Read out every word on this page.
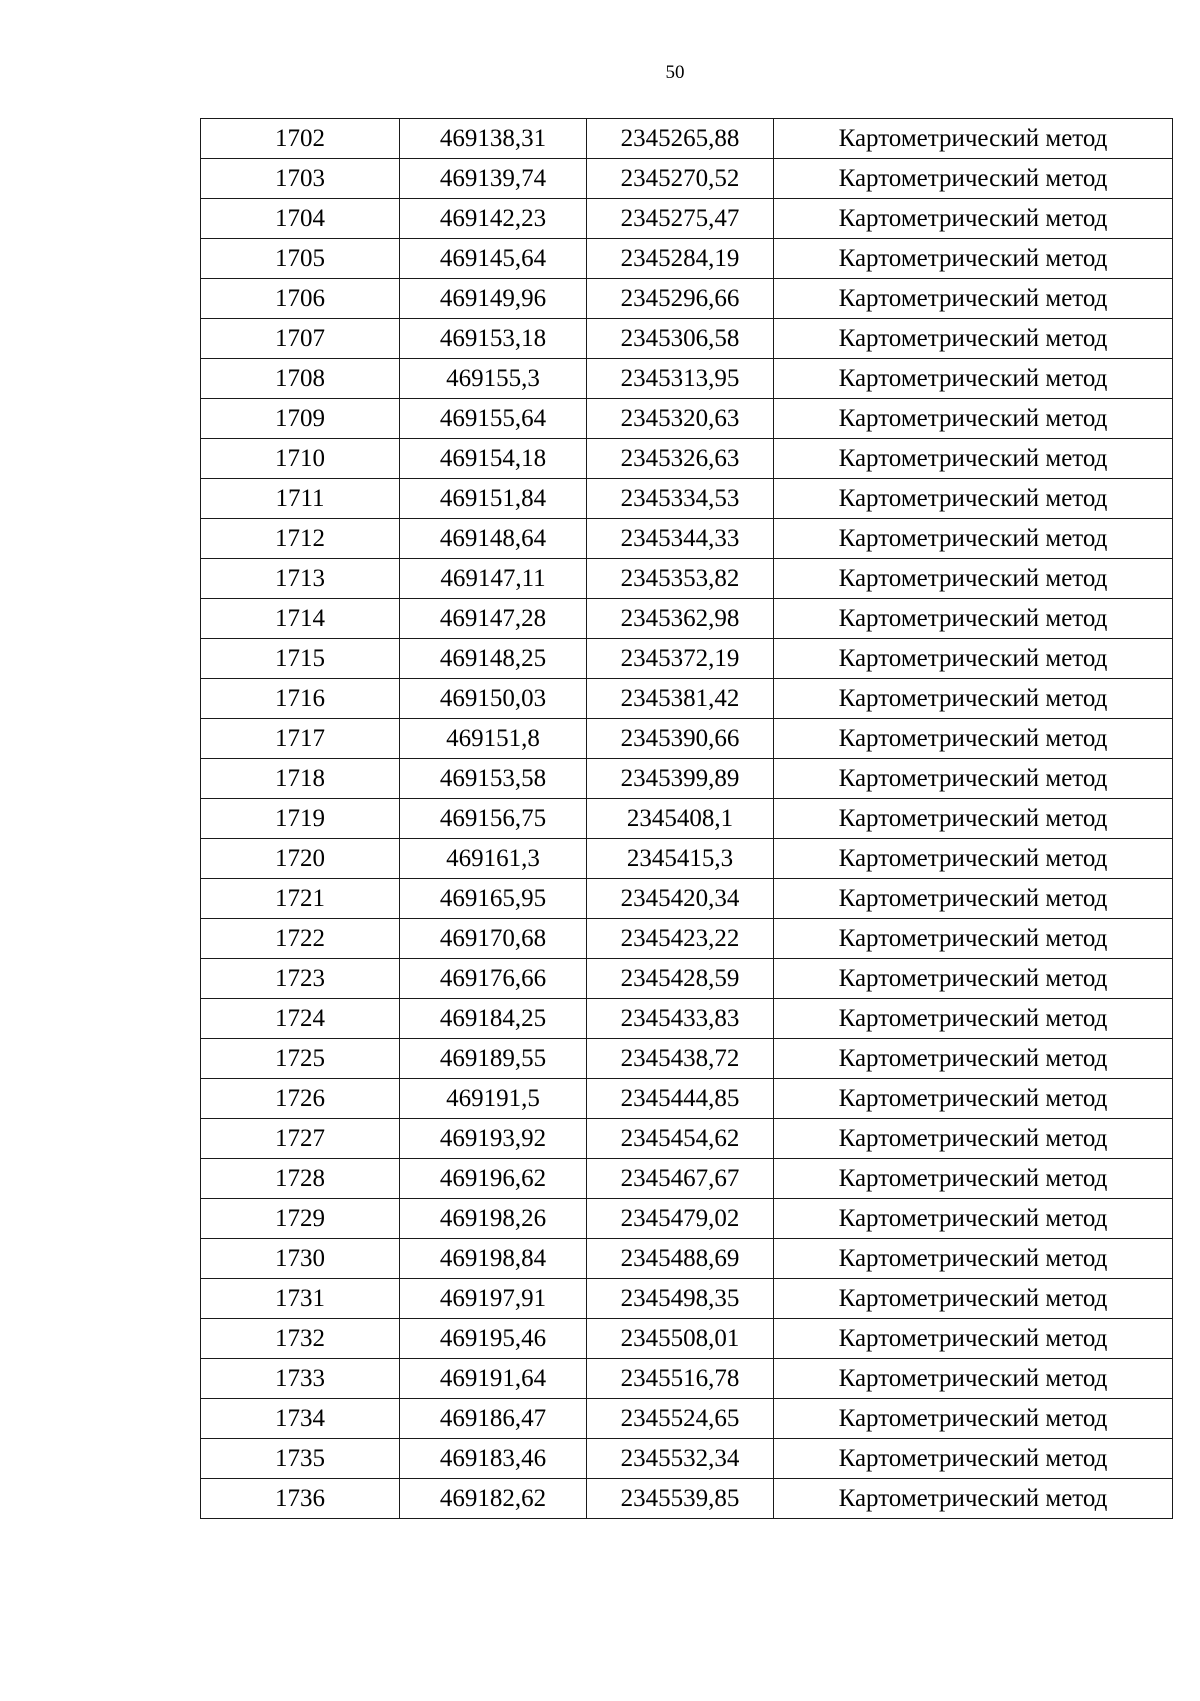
50
1702	469138,31	2345265,88	Картометрический метод
1703	469139,74	2345270,52	Картометрический метод
1704	469142,23	2345275,47	Картометрический метод
1705	469145,64	2345284,19	Картометрический метод
1706	469149,96	2345296,66	Картометрический метод
1707	469153,18	2345306,58	Картометрический метод
1708	469155,3	2345313,95	Картометрический метод
1709	469155,64	2345320,63	Картометрический метод
1710	469154,18	2345326,63	Картометрический метод
1711	469151,84	2345334,53	Картометрический метод
1712	469148,64	2345344,33	Картометрический метод
1713	469147,11	2345353,82	Картометрический метод
1714	469147,28	2345362,98	Картометрический метод
1715	469148,25	2345372,19	Картометрический метод
1716	469150,03	2345381,42	Картометрический метод
1717	469151,8	2345390,66	Картометрический метод
1718	469153,58	2345399,89	Картометрический метод
1719	469156,75	2345408,1	Картометрический метод
1720	469161,3	2345415,3	Картометрический метод
1721	469165,95	2345420,34	Картометрический метод
1722	469170,68	2345423,22	Картометрический метод
1723	469176,66	2345428,59	Картометрический метод
1724	469184,25	2345433,83	Картометрический метод
1725	469189,55	2345438,72	Картометрический метод
1726	469191,5	2345444,85	Картометрический метод
1727	469193,92	2345454,62	Картометрический метод
1728	469196,62	2345467,67	Картометрический метод
1729	469198,26	2345479,02	Картометрический метод
1730	469198,84	2345488,69	Картометрический метод
1731	469197,91	2345498,35	Картометрический метод
1732	469195,46	2345508,01	Картометрический метод
1733	469191,64	2345516,78	Картометрический метод
1734	469186,47	2345524,65	Картометрический метод
1735	469183,46	2345532,34	Картометрический метод
1736	469182,62	2345539,85	Картометрический метод
